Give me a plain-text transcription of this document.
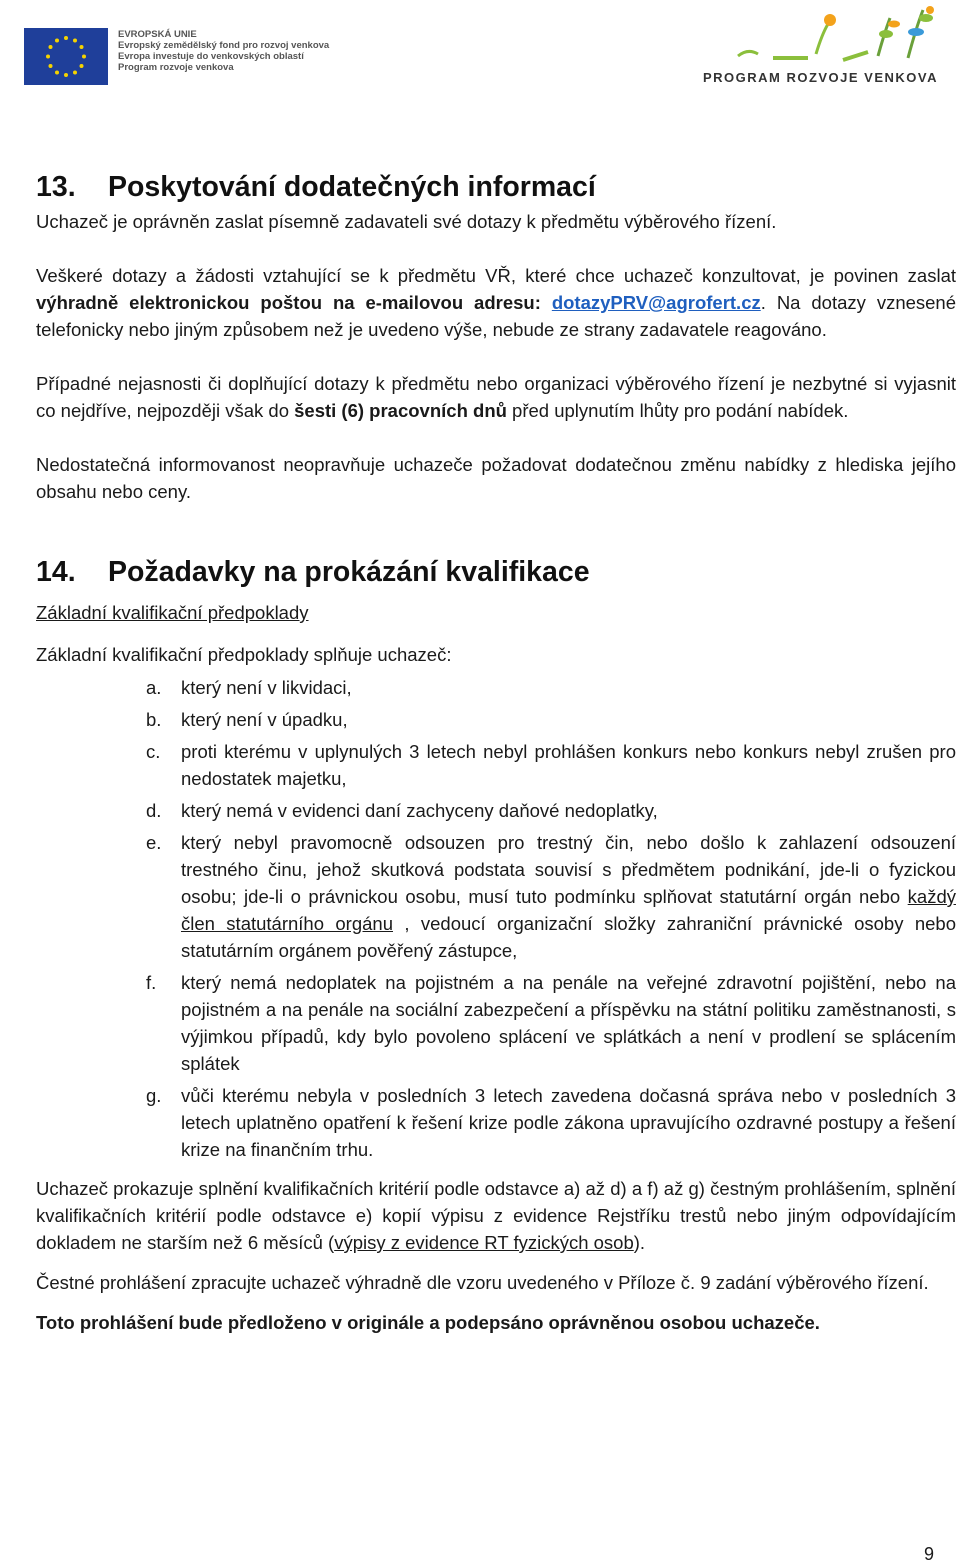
EVROPSKÁ UNIE
Evropský zemědělský fond pro rozvoj venkova
Evropa investuje do venkovských oblastí
Program rozvoje venkova
PROGRAM ROZVOJE VENKOVA
13. Poskytování dodatečných informací

Uchazeč je oprávněn zaslat písemně zadavateli své dotazy k předmětu výběrového řízení.

Veškeré dotazy a žádosti vztahující se k předmětu VŘ, které chce uchazeč konzultovat, je povinen zaslat výhradně elektronickou poštou na e-mailovou adresu: dotazyPRV@agrofert.cz. Na dotazy vznesené telefonicky nebo jiným způsobem než je uvedeno výše, nebude ze strany zadavatele reagováno.

Případné nejasnosti či doplňující dotazy k předmětu nebo organizaci výběrového řízení je nezbytné si vyjasnit co nejdříve, nejpozději však do šesti (6) pracovních dnů před uplynutím lhůty pro podání nabídek.

Nedostatečná informovanost neopravňuje uchazeče požadovat dodatečnou změnu nabídky z hlediska jejího obsahu nebo ceny.

14. Požadavky na prokázání kvalifikace

Základní kvalifikační předpoklady

Základní kvalifikační předpoklady splňuje uchazeč:

a. který není v likvidaci,
b. který není v úpadku,
c. proti kterému v uplynulých 3 letech nebyl prohlášen konkurs nebo konkurs nebyl zrušen pro nedostatek majetku,
d. který nemá v evidenci daní zachyceny daňové nedoplatky,
e. který nebyl pravomocně odsouzen pro trestný čin, nebo došlo k zahlazení odsouzení trestného činu, jehož skutková podstata souvisí s předmětem podnikání, jde-li o fyzickou osobu; jde-li o právnickou osobu, musí tuto podmínku splňovat statutární orgán nebo každý člen statutárního orgánu , vedoucí organizační složky zahraniční právnické osoby nebo statutárním orgánem pověřený zástupce,
f. který nemá nedoplatek na pojistném a na penále na veřejné zdravotní pojištění, nebo na pojistném a na penále na sociální zabezpečení a příspěvku na státní politiku zaměstnanosti, s výjimkou případů, kdy bylo povoleno splácení ve splátkách a není v prodlení se splácením splátek
g. vůči kterému nebyla v posledních 3 letech zavedena dočasná správa nebo v posledních 3 letech uplatněno opatření k řešení krize podle zákona upravujícího ozdravné postupy a řešení krize na finančním trhu.

Uchazeč prokazuje splnění kvalifikačních kritérií podle odstavce a) až d) a f) až g) čestným prohlášením, splnění kvalifikačních kritérií podle odstavce e) kopií výpisu z evidence Rejstříku trestů nebo jiným odpovídajícím dokladem ne starším než 6 měsíců (výpisy z evidence RT fyzických osob).

Čestné prohlášení zpracujte uchazeč výhradně dle vzoru uvedeného v Příloze č. 9 zadání výběrového řízení.

Toto prohlášení bude předloženo v originále a podepsáno oprávněnou osobou uchazeče.

9
